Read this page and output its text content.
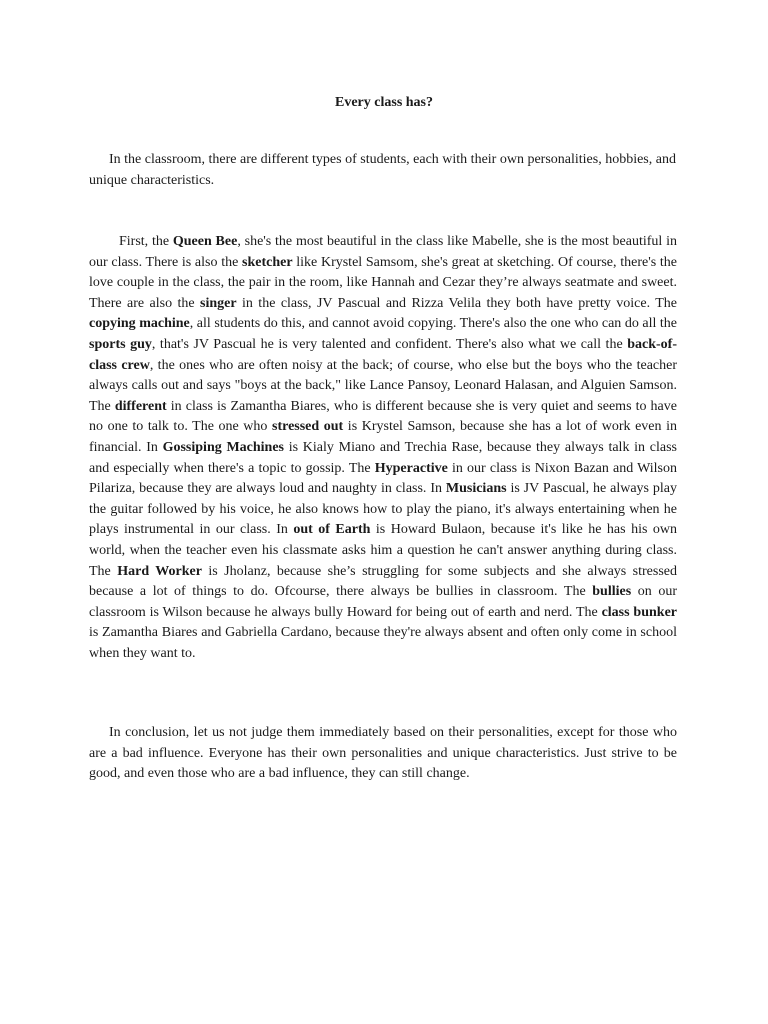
Every class has?

In the classroom, there are different types of students, each with their own personalities, hobbies, and unique characteristics.

First, the Queen Bee, she's the most beautiful in the class like Mabelle, she is the most beautiful in our class. There is also the sketcher like Krystel Samsom, she's great at sketching. Of course, there's the love couple in the class, the pair in the room, like Hannah and Cezar they’re always seatmate and sweet. There are also the singer in the class, JV Pascual and Rizza Velila they both have pretty voice. The copying machine, all students do this, and cannot avoid copying. There's also the one who can do all the sports guy, that's JV Pascual he is very talented and confident. There's also what we call the back-of-class crew, the ones who are often noisy at the back; of course, who else but the boys who the teacher always calls out and says "boys at the back," like Lance Pansoy, Leonard Halasan, and Alguien Samson. The different in class is Zamantha Biares, who is different because she is very quiet and seems to have no one to talk to. The one who stressed out is Krystel Samson, because she has a lot of work even in financial. In Gossiping Machines is Kialy Miano and Trechia Rase, because they always talk in class and especially when there's a topic to gossip. The Hyperactive in our class is Nixon Bazan and Wilson Pilariza, because they are always loud and naughty in class. In Musicians is JV Pascual, he always play the guitar followed by his voice, he also knows how to play the piano, it's always entertaining when he plays instrumental in our class. In out of Earth is Howard Bulaon, because it's like he has his own world, when the teacher even his classmate asks him a question he can't answer anything during class. The Hard Worker is Jholanz, because she’s struggling for some subjects and she always stressed because a lot of things to do. Ofcourse, there always be bullies in classroom. The bullies on our classroom is Wilson because he always bully Howard for being out of earth and nerd. The class bunker is Zamantha Biares and Gabriella Cardano, because they're always absent and often only come in school when they want to.

In conclusion, let us not judge them immediately based on their personalities, except for those who are a bad influence. Everyone has their own personalities and unique characteristics. Just strive to be good, and even those who are a bad influence, they can still change.
